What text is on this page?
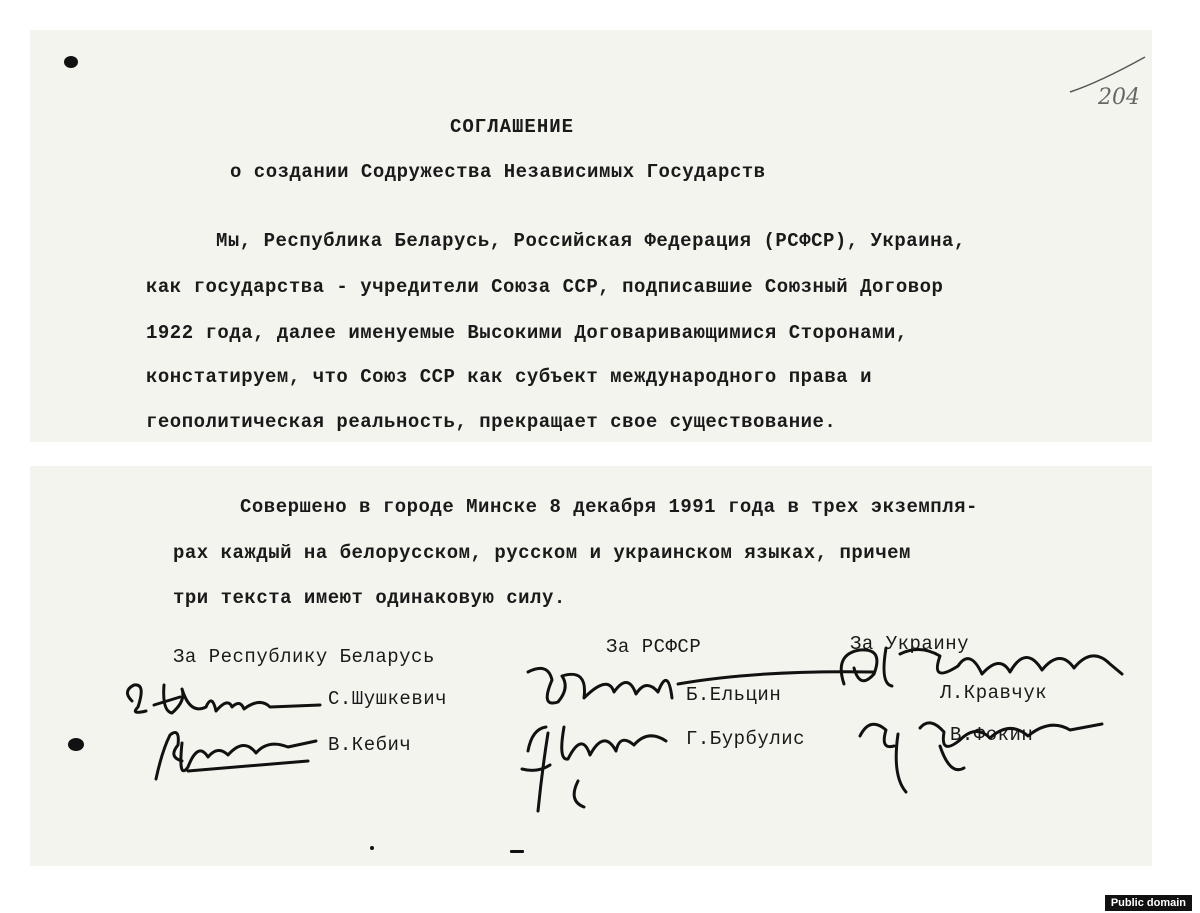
204
СОГЛАШЕНИЕ
о создании Содружества Независимых Государств
Мы, Республика Беларусь, Российская Федерация (РСФСР), Украина,
как государства - учредители Союза ССР, подписавшие Союзный Договор
1922 года, далее именуемые Высокими Договаривающимися Сторонами,
констатируем, что Союз ССР как субъект международного права и
геополитическая реальность, прекращает свое существование.
Совершено в городе Минске 8 декабря 1991 года в трех экземпля-
рах каждый на белорусском, русском и украинском языках, причем
три текста имеют одинаковую силу.
За Республику Беларусь	За РСФСР	За Украину
С.Шушкевич
В.Кебич
Б.Ельцин
Г.Бурбулис
Л.Кравчук
В.Фокин
Public domain
